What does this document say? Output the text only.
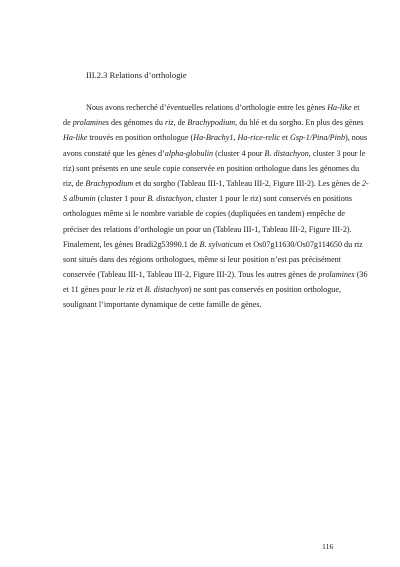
III.2.3 Relations d’orthologie
Nous avons recherché d’éventuelles relations d’orthologie entre les gènes Ha-like et
de prolamines des génomes du riz, de Brachypodium, du blé et du sorgho. En plus des gènes
Ha-like trouvés en position orthologue (Ha-Brachy1, Ha-rice-relic et Gsp-1/Pina/Pinb), nous
avons constaté que les gènes d’alpha-globulin (cluster 4 pour B. distachyon, cluster 3 pour le
riz) sont présents en une seule copie conservée en position orthologue dans les génomes du
riz, de Brachypodium et du sorgho (Tableau III-1, Tableau III-2, Figure III-2). Les gènes de 2-
S albumin (cluster 1 pour B. distachyon, cluster 1 pour le riz) sont conservés en positions
orthologues même si le nombre variable de copies (dupliquées en tandem) empêche de
préciser des relations d’orthologie un pour un (Tableau III-1, Tableau III-2, Figure III-2).
Finalement, les gènes Bradi2g53990.1 de B. sylvaticum et Os07g11630/Os07g114650 du riz
sont situés dans des régions orthologues, même si leur position n’est pas précisément
conservée (Tableau III-1, Tableau III-2, Figure III-2). Tous les autres gènes de prolamines (36
et 11 gènes pour le riz et B. distachyon) ne sont pas conservés en position orthologue,
soulignant l’importante dynamique de cette famille de gènes.
116
